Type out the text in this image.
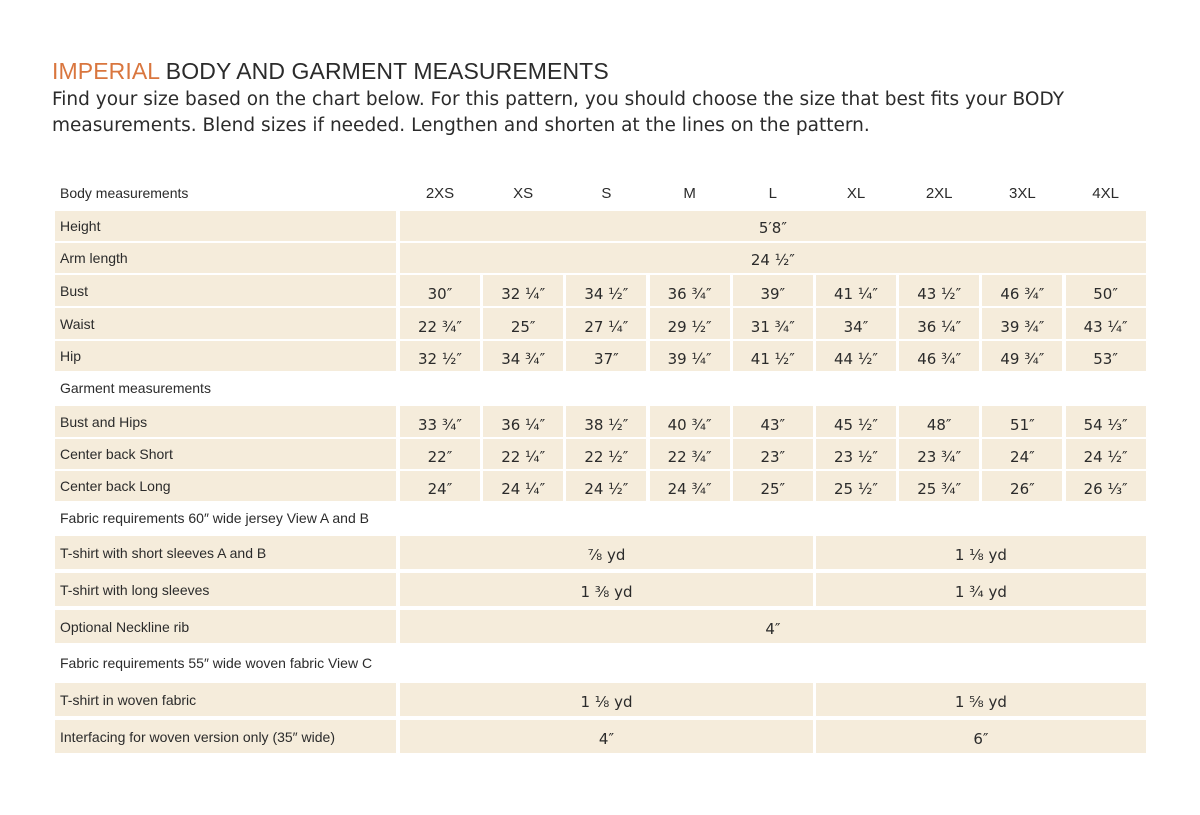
IMPERIAL BODY AND GARMENT MEASUREMENTS

Find your size based on the chart below. For this pattern, you should choose the size that best fits your BODY measurements. Blend sizes if needed. Lengthen and shorten at the lines on the pattern.

Body measurements	2XS	XS	S	M	L	XL	2XL	3XL	4XL
Height	5′8″
Arm length	24 ½″
Bust	30″	32 ¼″	34 ½″	36 ¾″	39″	41 ¼″	43 ½″	46 ¾″	50″
Waist	22 ¾″	25″	27 ¼″	29 ½″	31 ¾″	34″	36 ¼″	39 ¾″	43 ¼″
Hip	32 ½″	34 ¾″	37″	39 ¼″	41 ½″	44 ½″	46 ¾″	49 ¾″	53″
Garment measurements
Bust and Hips	33 ¾″	36 ¼″	38 ½″	40 ¾″	43″	45 ½″	48″	51″	54 ⅓″
Center back Short	22″	22 ¼″	22 ½″	22 ¾″	23″	23 ½″	23 ¾″	24″	24 ½″
Center back Long	24″	24 ¼″	24 ½″	24 ¾″	25″	25 ½″	25 ¾″	26″	26 ⅓″
Fabric requirements 60″ wide jersey View A and B
T-shirt with short sleeves A and B	⅞ yd	1 ⅛ yd
T-shirt with long sleeves	1 ⅜ yd	1 ¾ yd
Optional Neckline rib	4″
Fabric requirements 55″ wide woven fabric View C
T-shirt in woven fabric	1 ⅛ yd	1 ⅝ yd
Interfacing for woven version only (35″ wide)	4″	6″
